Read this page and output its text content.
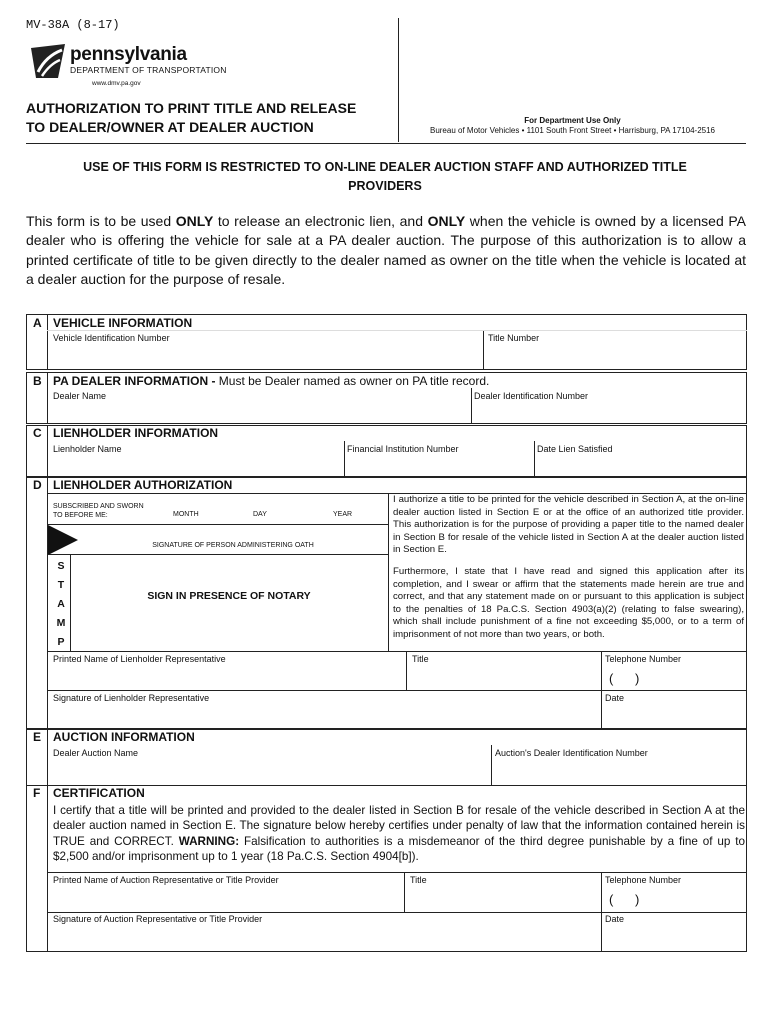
MV-38A (8-17)
pennsylvania
DEPARTMENT OF TRANSPORTATION
www.dmv.pa.gov
AUTHORIZATION TO PRINT TITLE AND RELEASE
TO DEALER/OWNER AT DEALER AUCTION	For Department Use Only
Bureau of Motor Vehicles • 1101 South Front Street • Harrisburg, PA 17104-2516
USE OF THIS FORM IS RESTRICTED TO ON-LINE DEALER AUCTION STAFF AND AUTHORIZED TITLE
PROVIDERS
This form is to be used ONLY to release an electronic lien, and ONLY when the vehicle is owned by a licensed PA dealer who is offering the vehicle for sale at a PA dealer auction. The purpose of this authorization is to allow a printed certificate of title to be given directly to the dealer named as owner on the title when the vehicle is located at a dealer auction for the purpose of resale.
A VEHICLE INFORMATION
Vehicle Identification Number	Title Number
B PA DEALER INFORMATION - Must be Dealer named as owner on PA title record.
Dealer Name	Dealer Identification Number
C LIENHOLDER INFORMATION
Lienholder Name	Financial Institution Number	Date Lien Satisfied
D LIENHOLDER AUTHORIZATION
SUBSCRIBED AND SWORN
TO BEFORE ME:	MONTH	DAY	YEAR
SIGNATURE OF PERSON ADMINISTERING OATH
S
T
A
M
P
SIGN IN PRESENCE OF NOTARY
I authorize a title to be printed for the vehicle described in Section A, at the on-line dealer auction listed in Section E or at the office of an authorized title provider. This authorization is for the purpose of providing a paper title to the named dealer in Section B for resale of the vehicle listed in Section A at the dealer auction listed in Section E.
Furthermore, I state that I have read and signed this application after its completion, and I swear or affirm that the statements made herein are true and correct, and that any statement made on or pursuant to this application is subject to the penalties of 18 Pa.C.S. Section 4903(a)(2) (relating to false swearing), which shall include punishment of a fine not exceeding $5,000, or to a term of imprisonment of not more than two years, or both.
Printed Name of Lienholder Representative	Title	Telephone Number
(      )
Signature of Lienholder Representative	Date
E AUCTION INFORMATION
Dealer Auction Name	Auction's Dealer Identification Number
F CERTIFICATION
I certify that a title will be printed and provided to the dealer listed in Section B for resale of the vehicle described in Section A at the dealer auction named in Section E. The signature below hereby certifies under penalty of law that the information contained herein is TRUE and CORRECT. WARNING: Falsification to authorities is a misdemeanor of the third degree punishable by a fine of up to $2,500 and/or imprisonment up to 1 year (18 Pa.C.S. Section 4904[b]).
Printed Name of Auction Representative or Title Provider	Title	Telephone Number
(      )
Signature of Auction Representative or Title Provider	Date
